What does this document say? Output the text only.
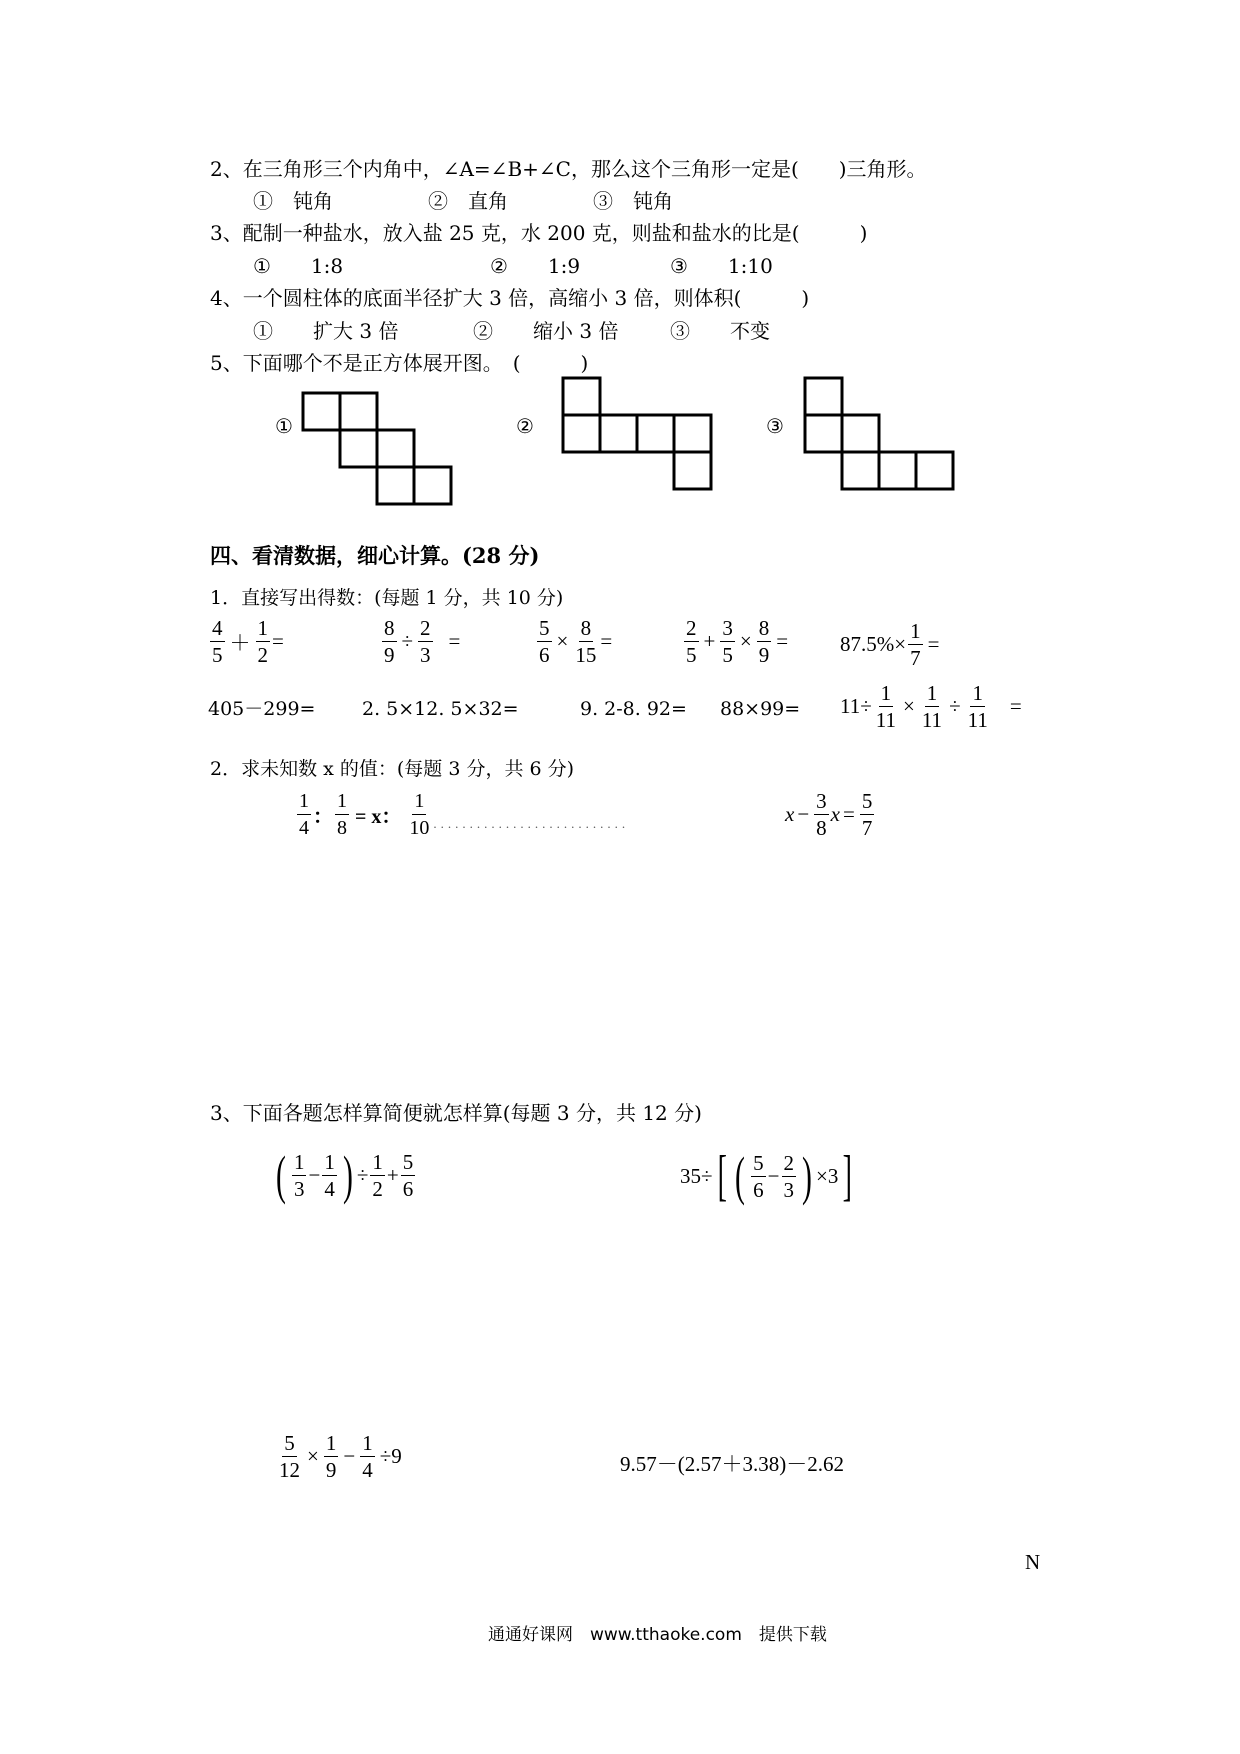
2、在三角形三个内角中，∠A=∠B+∠C，那么这个三角形一定是(　　)三角形。
①　钝角	②　直角	③　钝角
3、配制一种盐水，放入盐 25 克，水 200 克，则盐和盐水的比是(　　　)
①　　1:8	②　　1:9	③　　1:10
4、一个圆柱体的底面半径扩大 3 倍，高缩小 3 倍，则体积(　　　)
①　　扩大 3 倍	②　　缩小 3 倍	③　　不变
5、下面哪个不是正方体展开图。　(　　　)
①	②	③
四、看清数据，细心计算。(28 分)
1．直接写出得数：(每题 1 分，共 10 分)
$\frac{4}{5} + \frac{1}{2}$ =	$\frac{8}{9} \div \frac{2}{3}$ =	$\frac{5}{6} \times \frac{8}{15}$ =	$\frac{2}{5} + \frac{3}{5} \times \frac{8}{9} = 87.5\%\times \frac{1}{7}$ =
405－299= 2. 5×12. 5×32=	9. 2-8. $92= 88\times 99= 11\div \frac{1}{11} \times \frac{1}{11} \div \frac{1}{11}$ =
2．求未知数 x 的值：(每题 3 分，共 6 分)
$\frac{1}{4}$ ： $\frac{1}{8} = x$： $\frac{1}{10}$ ...........................	$x - \frac{3}{8}$ $x = \frac{5}{7}$
3、下面各题怎样算简便就怎样算(每题 3 分，共 12 分)
( $\frac{1}{3} - \frac{1}{4}$ ) ÷ $\frac{1}{2} + \frac{5}{6}$	35÷ [ ( $\frac{5}{6} - \frac{2}{3}$ ) ×3 ]
$\frac{5}{12} \times \frac{1}{9} - \frac{1}{4} \div 9$	9.57－(2.57＋3.38)－2.62
N
通通好课网　www.tthaoke.com　提供下载
